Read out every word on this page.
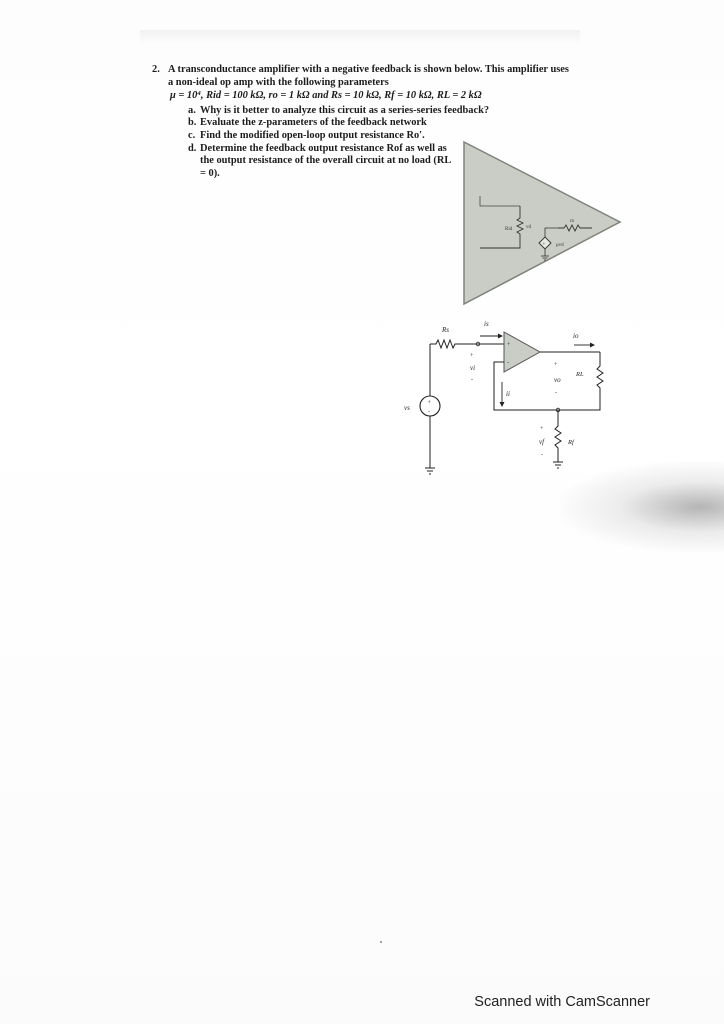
2. A transconductance amplifier with a negative feedback is shown below. This amplifier uses a non-ideal op amp with the following parameters
μ = 10⁴, Rid = 100 kΩ, ro = 1 kΩ and Rs = 10 kΩ, Rf = 10 kΩ, RL = 2 kΩ
a. Why is it better to analyze this circuit as a series-series feedback?
b. Evaluate the z-parameters of the feedback network
c. Find the modified open-loop output resistance Ro′.
d. Determine the feedback output resistance Rof as well as the output resistance of the overall circuit at no load (RL = 0).
Rid	vd
+ μvd
ro
Rs
+
-
vs
is
+
vi
-
+
-
ii
io
RL
+
vo
-
Rf
+
vf
-
Scanned with CamScanner
